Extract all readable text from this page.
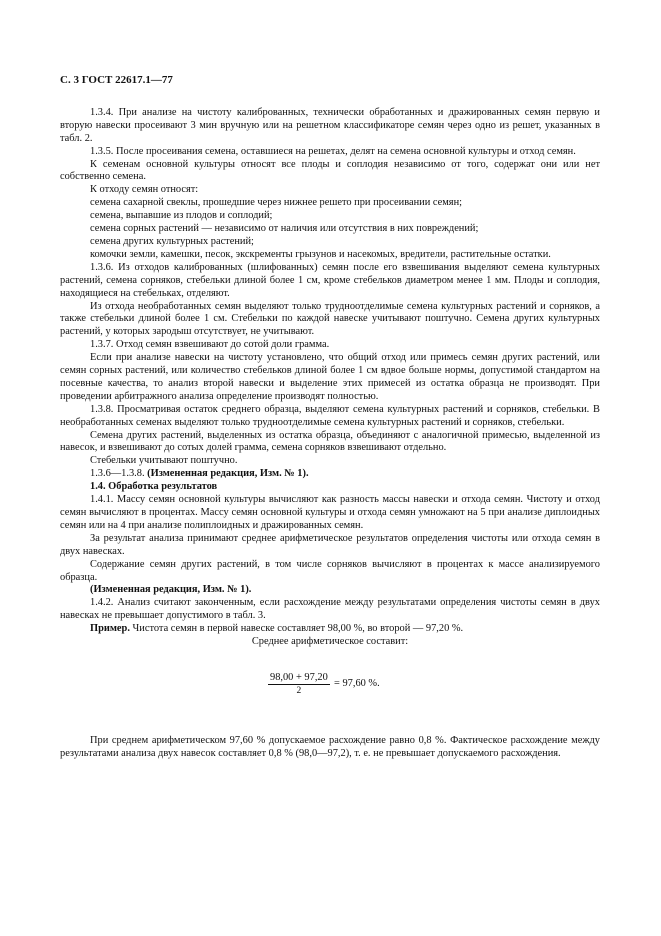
С. 3 ГОСТ 22617.1—77

1.3.4. При анализе на чистоту калиброванных, технически обработанных и дражированных семян первую и вторую навески просеивают 3 мин вручную или на решетном классификаторе семян через одно из решет, указанных в табл. 2.

1.3.5. После просеивания семена, оставшиеся на решетах, делят на семена основной культуры и отход семян.

К семенам основной культуры относят все плоды и соплодия независимо от того, содержат они или нет собственно семена.

К отходу семян относят:

семена сахарной свеклы, прошедшие через нижнее решето при просеивании семян;

семена, выпавшие из плодов и соплодий;

семена сорных растений — независимо от наличия или отсутствия в них повреждений;

семена других культурных растений;

комочки земли, камешки, песок, экскременты грызунов и насекомых, вредители, растительные остатки.

1.3.6. Из отходов калиброванных (шлифованных) семян после его взвешивания выделяют семена культурных растений, семена сорняков, стебельки длиной более 1 см, кроме стебельков диаметром менее 1 мм. Плоды и соплодия, находящиеся на стебельках, отделяют.

Из отхода необработанных семян выделяют только трудноотделимые семена культурных растений и сорняков, а также стебельки длиной более 1 см. Стебельки по каждой навеске учитывают поштучно. Семена других культурных растений, у которых зародыш отсутствует, не учитывают.

1.3.7. Отход семян взвешивают до сотой доли грамма.

Если при анализе навески на чистоту установлено, что общий отход или примесь семян других растений, или семян сорных растений, или количество стебельков длиной более 1 см вдвое больше нормы, допустимой стандартом на посевные качества, то анализ второй навески и выделение этих примесей из остатка образца не производят. При проведении арбитражного анализа определение производят полностью.

1.3.8. Просматривая остаток среднего образца, выделяют семена культурных растений и сорняков, стебельки. В необработанных семенах выделяют только трудноотделимые семена культурных растений и сорняков, стебельки.

Семена других растений, выделенных из остатка образца, объединяют с аналогичной примесью, выделенной из навесок, и взвешивают до сотых долей грамма, семена сорняков взвешивают отдельно.

Стебельки учитывают поштучно.

1.3.6—1.3.8. (Измененная редакция, Изм. № 1).

1.4. Обработка результатов

1.4.1. Массу семян основной культуры вычисляют как разность массы навески и отхода семян. Чистоту и отход семян вычисляют в процентах. Массу семян основной культуры и отхода семян умножают на 5 при анализе диплоидных семян или на 4 при анализе полиплоидных и дражированных семян.

За результат анализа принимают среднее арифметическое результатов определения чистоты или отхода семян в двух навесках.

Содержание семян других растений, в том числе сорняков вычисляют в процентах к массе анализируемого образца.

(Измененная редакция, Изм. № 1).

1.4.2. Анализ считают законченным, если расхождение между результатами определения чистоты семян в двух навесках не превышает допустимого в табл. 3.

Пример. Чистота семян в первой навеске составляет 98,00 %, во второй — 97,20 %.

Среднее арифметическое составит:

$\frac{98,00 + 97,20}{2} = 97,60$ %.

При среднем арифметическом 97,60 % допускаемое расхождение равно 0,8 %. Фактическое расхождение между результатами анализа двух навесок составляет 0,8 % (98,0—97,2), т. е. не превышает допускаемого расхождения.
